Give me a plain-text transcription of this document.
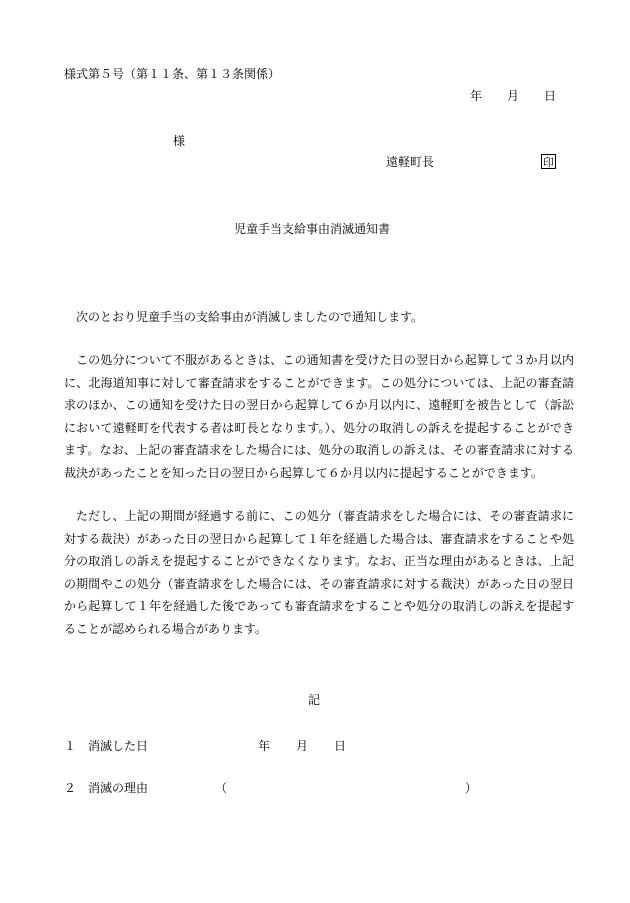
様式第５号（第１１条、第１３条関係）
年 月 日
様
遠軽町長	印
児童手当支給事由消滅通知書

次のとおり児童手当の支給事由が消滅しましたので通知します。

この処分について不服があるときは、この通知書を受けた日の翌日から起算して３か月以内に、北海道知事に対して審査請求をすることができます。この処分については、上記の審査請求のほか、この通知を受けた日の翌日から起算して６か月以内に、遠軽町を被告として（訴訟において遠軽町を代表する者は町長となります。）、処分の取消しの訴えを提起することができます。なお、上記の審査請求をした場合には、処分の取消しの訴えは、その審査請求に対する裁決があったことを知った日の翌日から起算して６か月以内に提起することができます。

ただし、上記の期間が経過する前に、この処分（審査請求をした場合には、その審査請求に対する裁決）があった日の翌日から起算して１年を経過した場合は、審査請求をすることや処分の取消しの訴えを提起することができなくなります。なお、正当な理由があるときは、上記の期間やこの処分（審査請求をした場合には、その審査請求に対する裁決）があった日の翌日から起算して１年を経過した後であっても審査請求をすることや処分の取消しの訴えを提起することが認められる場合があります。

記
１ 消滅した日	年 月 日
２ 消滅の理由	（	）
